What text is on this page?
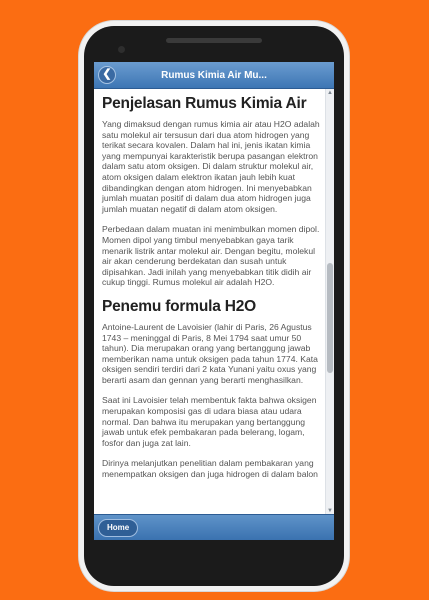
❮	Rumus Kimia Air Mu...
Penjelasan Rumus Kimia Air

Yang dimaksud dengan rumus kimia air atau H2O adalah satu molekul air tersusun dari dua atom hidrogen yang terikat secara kovalen. Dalam hal ini, jenis ikatan kimia yang mempunyai karakteristik berupa pasangan elektron dalam satu atom oksigen. Di dalam struktur molekul air, atom oksigen dalam elektron ikatan jauh lebih kuat dibandingkan dengan atom hidrogen. Ini menyebabkan jumlah muatan positif di dalam dua atom hidrogen juga jumlah muatan negatif di dalam atom oksigen.

Perbedaan dalam muatan ini menimbulkan momen dipol. Momen dipol yang timbul menyebabkan gaya tarik menarik listrik antar molekul air. Dengan begitu, molekul air akan cenderung berdekatan dan susah untuk dipisahkan. Jadi inilah yang menyebabkan titik didih air cukup tinggi. Rumus molekul air adalah H2O.

Penemu formula H2O

Antoine-Laurent de Lavoisier (lahir di Paris, 26 Agustus 1743 – meninggal di Paris, 8 Mei 1794 saat umur 50 tahun). Dia merupakan orang yang bertanggung jawab memberikan nama untuk oksigen pada tahun 1774. Kata oksigen sendiri terdiri dari 2 kata Yunani yaitu oxus yang berarti asam dan gennan yang berarti menghasilkan.

Saat ini Lavoisier telah membentuk fakta bahwa oksigen merupakan komposisi gas di udara biasa atau udara normal. Dan bahwa itu merupakan yang bertanggung jawab untuk efek pembakaran pada belerang, logam, fosfor dan juga zat lain.

Dirinya melanjutkan penelitian dalam pembakaran yang menempatkan oksigen dan juga hidrogen di dalam balon

▲
▼
Home
